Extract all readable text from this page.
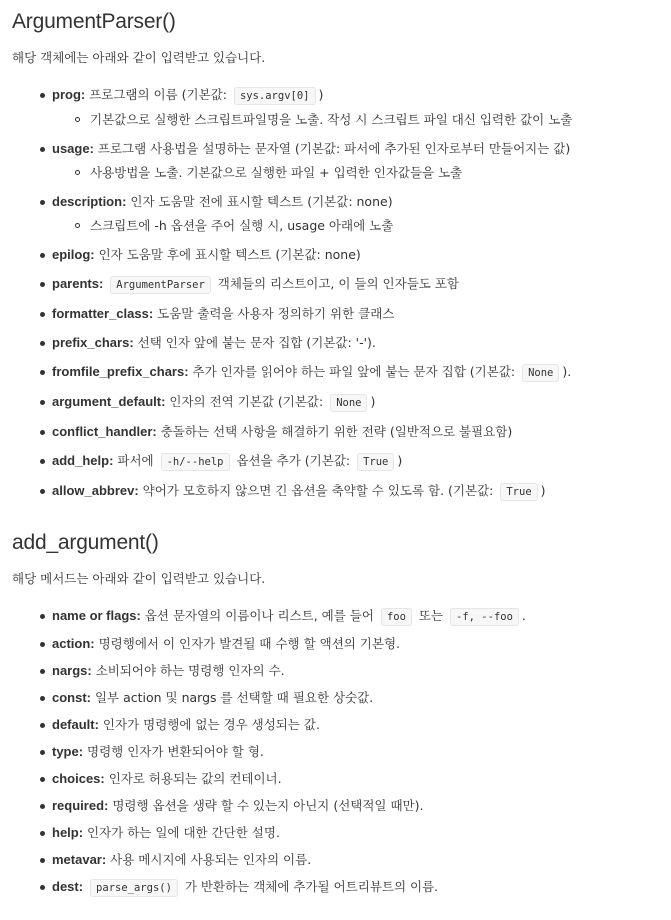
ArgumentParser()

해당 객체에는 아래와 같이 입력받고 있습니다.

prog: 프로그램의 이름 (기본값: sys.argv[0] )
기본값으로 실행한 스크립트파일명을 노출. 작성 시 스크립트 파일 대신 입력한 값이 노출
usage: 프로그램 사용법을 설명하는 문자열 (기본값: 파서에 추가된 인자로부터 만들어지는 값)
사용방법을 노출. 기본값으로 실행한 파일 + 입력한 인자값들을 노출
description: 인자 도움말 전에 표시할 텍스트 (기본값: none)
스크립트에 -h 옵션을 주어 실행 시, usage 아래에 노출
epilog: 인자 도움말 후에 표시할 텍스트 (기본값: none)
parents: ArgumentParser 객체들의 리스트이고, 이 들의 인자들도 포함
formatter_class: 도움말 출력을 사용자 정의하기 위한 클래스
prefix_chars: 선택 인자 앞에 붙는 문자 집합 (기본값: '-').
fromfile_prefix_chars: 추가 인자를 읽어야 하는 파일 앞에 붙는 문자 집합 (기본값: None ).
argument_default: 인자의 전역 기본값 (기본값: None )
conflict_handler: 충돌하는 선택 사항을 해결하기 위한 전략 (일반적으로 불필요함)
add_help: 파서에 -h/--help 옵션을 추가 (기본값: True )
allow_abbrev: 약어가 모호하지 않으면 긴 옵션을 축약할 수 있도록 함. (기본값: True )
add_argument()

해당 메서드는 아래와 같이 입력받고 있습니다.

name or flags: 옵션 문자열의 이름이나 리스트, 예를 들어 foo 또는 -f, --foo .
action: 명령행에서 이 인자가 발견될 때 수행 할 액션의 기본형.
nargs: 소비되어야 하는 명령행 인자의 수.
const: 일부 action 및 nargs 를 선택할 때 필요한 상숫값.
default: 인자가 명령행에 없는 경우 생성되는 값.
type: 명령행 인자가 변환되어야 할 형.
choices: 인자로 허용되는 값의 컨테이너.
required: 명령행 옵션을 생략 할 수 있는지 아닌지 (선택적일 때만).
help: 인자가 하는 일에 대한 간단한 설명.
metavar: 사용 메시지에 사용되는 인자의 이름.
dest: parse_args() 가 반환하는 객체에 추가될 어트리뷰트의 이름.
